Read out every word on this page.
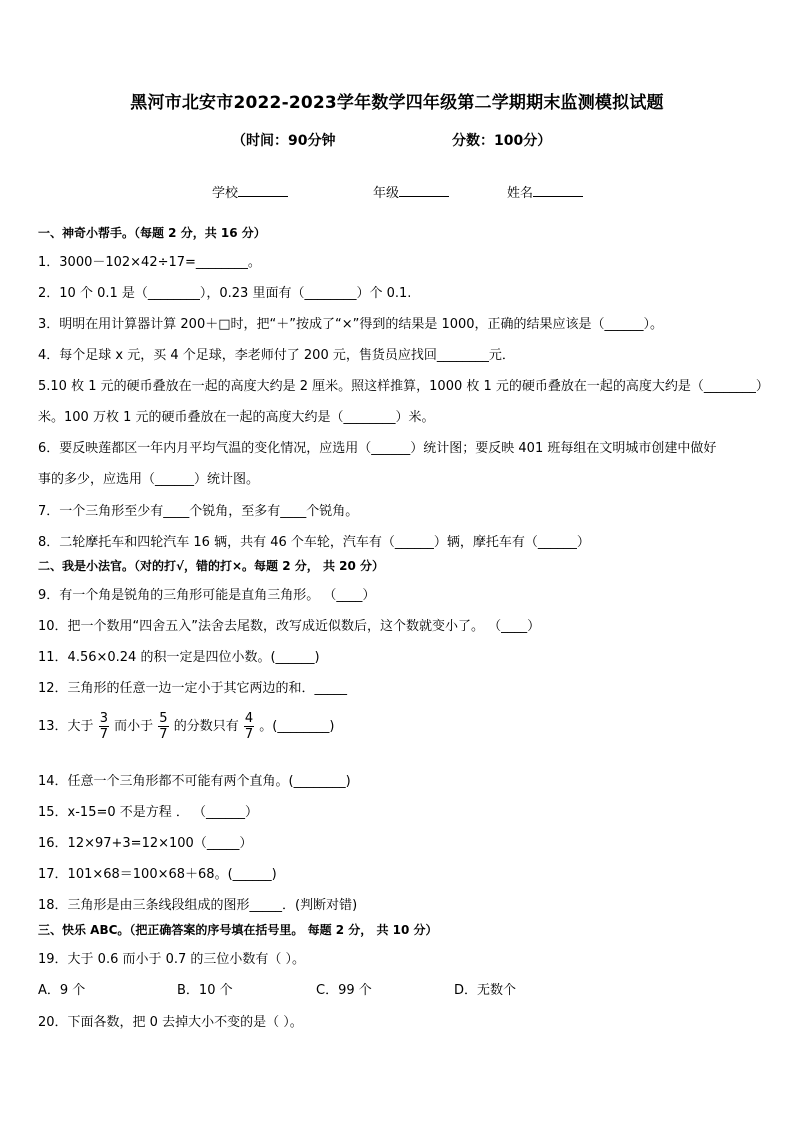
黑河市北安市2022-2023学年数学四年级第二学期期末监测模拟试题
（时间：90分钟	分数：100分）
学校	年级	姓名
一、神奇小帮手。（每题 2 分，共 16 分）
1．3000－102×42÷17=________。
2．10 个 0.1 是（________），0.23 里面有（________）个 0.1.
3．明明在用计算器计算 200＋□时，把“＋”按成了“×”得到的结果是 1000，正确的结果应该是（______）。
4．每个足球 x 元，买 4 个足球，李老师付了 200 元，售货员应找回________元．
5.10 枚 1 元的硬币叠放在一起的高度大约是 2 厘米。照这样推算，1000 枚 1 元的硬币叠放在一起的高度大约是（________）
米。100 万枚 1 元的硬币叠放在一起的高度大约是（________）米。
6．要反映莲都区一年内月平均气温的变化情况，应选用（______）统计图；要反映 401 班每组在文明城市创建中做好
事的多少，应选用（______）统计图。
7．一个三角形至少有____个锐角，至多有____个锐角。
8．二轮摩托车和四轮汽车 16 辆，共有 46 个车轮，汽车有（______）辆，摩托车有（______）
二、我是小法官。（对的打√，错的打×。每题 2 分， 共 20 分）
9．有一个角是锐角的三角形可能是直角三角形。 （____）
10．把一个数用“四舍五入”法舍去尾数，改写成近似数后，这个数就变小了。 （____）
11．4.56×0.24 的积一定是四位小数。(______)
12．三角形的任意一边一定小于其它两边的和．_____
13．大于 $\frac{3}{7}$ 而小于 $\frac{5}{7}$ 的分数只有 $\frac{4}{7}$ 。(________)
14．任意一个三角形都不可能有两个直角。(________)
15．x-15=0 不是方程 ． （______）
16．12×97+3=12×100（_____）
17．101×68＝100×68＋68。(______)
18．三角形是由三条线段组成的图形_____．(判断对错)
三、快乐 ABC。（把正确答案的序号填在括号里。 每题 2 分， 共 10 分）
19．大于 0.6 而小于 0.7 的三位小数有（ ）。
A．9 个	B．10 个	C．99 个	D．无数个
20．下面各数，把 0 去掉大小不变的是（ ）。
